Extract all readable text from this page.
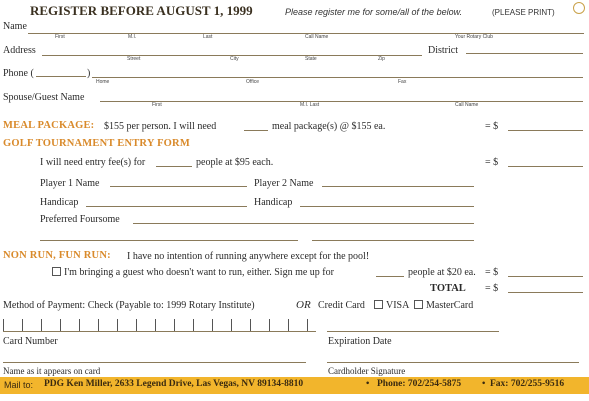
REGISTER BEFORE AUGUST 1, 1999	Please register me for some/all of the below.	(PLEASE PRINT)
Name
First	M.I.	Last	Call Name	Your Rotary Club
Address	District
Street	City	State	Zip
Phone (	)
Home	Office	Fax
Spouse/Guest Name
First	M.I. Last	Call Name
MEAL PACKAGE: $155 per person. I will need	meal package(s) @ $155 ea.	= $
GOLF TOURNAMENT ENTRY FORM
I will need entry fee(s) for	people at $95 each.	= $
Player 1 Name	Player 2 Name
Handicap	Handicap
Preferred Foursome
NON RUN, FUN RUN: I have no intention of running anywhere except for the pool!
I'm bringing a guest who doesn't want to run, either. Sign me up for	people at $20 ea. = $
TOTAL = $
Method of Payment: Check (Payable to: 1999 Rotary Institute)	OR Credit Card	VISA	MasterCard
Card Number	Expiration Date
Name as it appears on card	Cardholder Signature
Mail to: PDG Ken Miller, 2633 Legend Drive, Las Vegas, NV 89134-8810	• Phone: 702/254-5875 • Fax: 702/255-9516
